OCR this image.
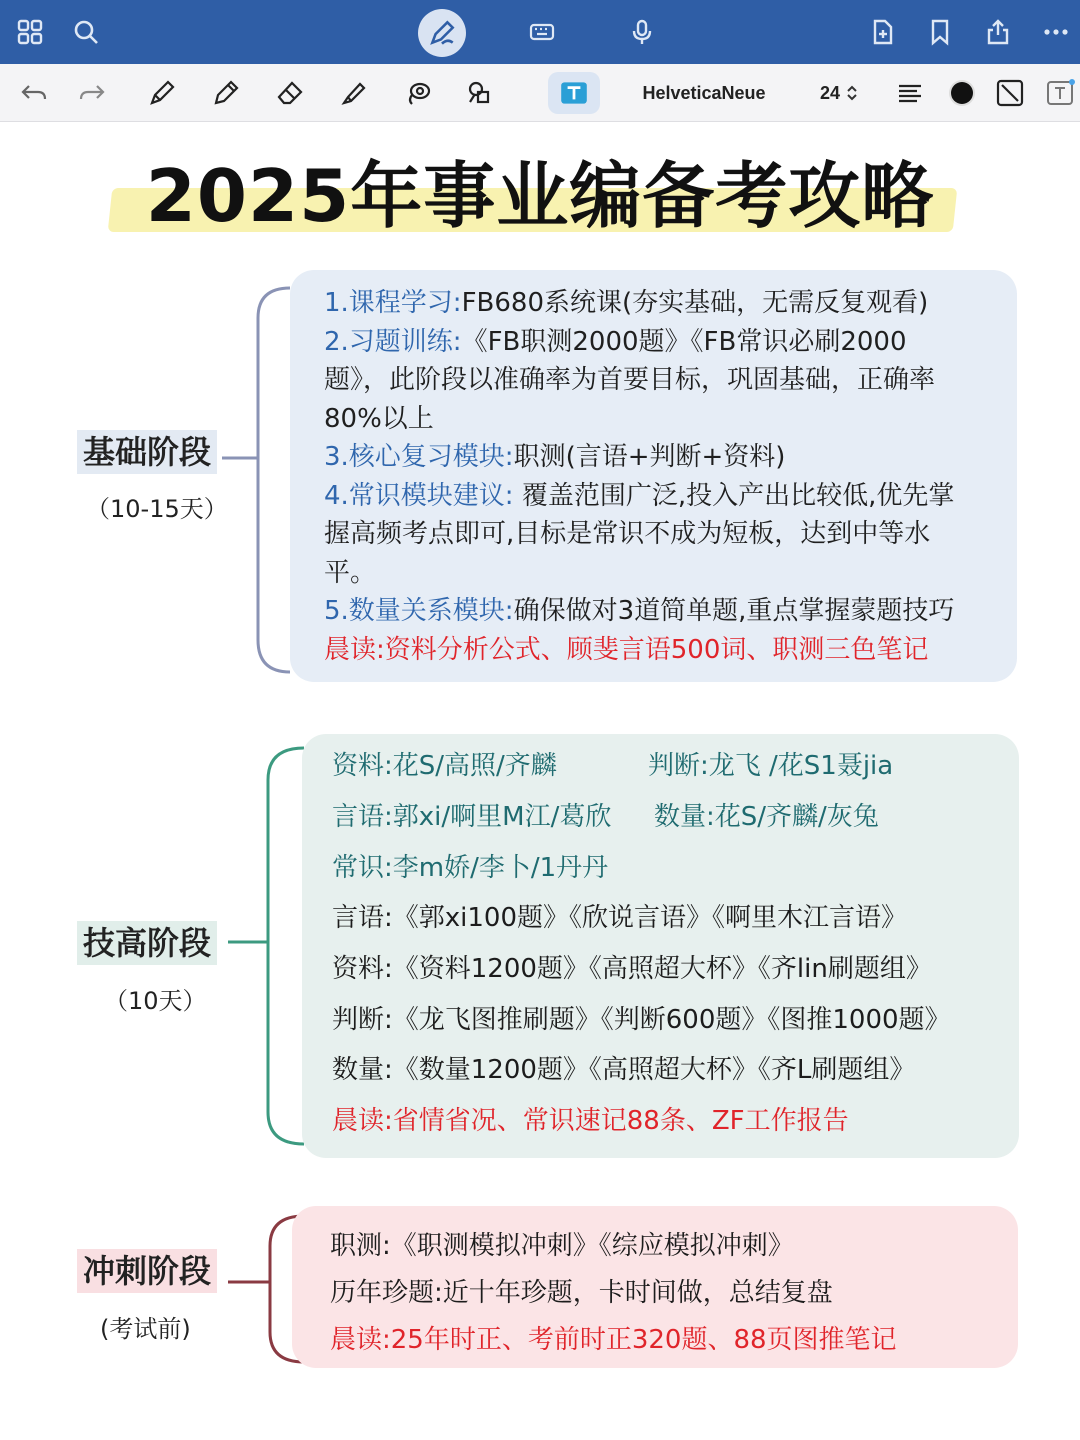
HelveticaNeue	24
2025年事业编备考攻略
基础阶段
（10-15天）
技高阶段
（10天）
冲刺阶段
(考试前)
1.课程学习:FB680系统课(夯实基础，无需反复观看)
2.习题训练:《FB职测2000题》《FB常识必刷2000
题》，此阶段以准确率为首要目标，巩固基础，正确率
80%以上
3.核心复习模块:职测(言语+判断+资料)
4.常识模块建议: 覆盖范围广泛,投入产出比较低,优先掌
握高频考点即可,目标是常识不成为短板，达到中等水
平。
5.数量关系模块:确保做对3道简单题,重点掌握蒙题技巧
晨读:资料分析公式、顾斐言语500词、职测三色笔记
资料:花S/高照/齐麟	判断:龙飞 /花S1聂jia
言语:郭xi/啊里M江/葛欣 数量:花S/齐麟/灰兔
常识:李m娇/李卜/1丹丹
言语:《郭xi100题》《欣说言语》《啊里木江言语》
资料:《资料1200题》《高照超大杯》《齐lin刷题组》
判断:《龙飞图推刷题》《判断600题》《图推1000题》
数量:《数量1200题》《高照超大杯》《齐L刷题组》
晨读:省情省况、常识速记88条、ZF工作报告
职测:《职测模拟冲刺》《综应模拟冲刺》
历年珍题:近十年珍题，卡时间做，总结复盘
晨读:25年时正、考前时正320题、88页图推笔记
